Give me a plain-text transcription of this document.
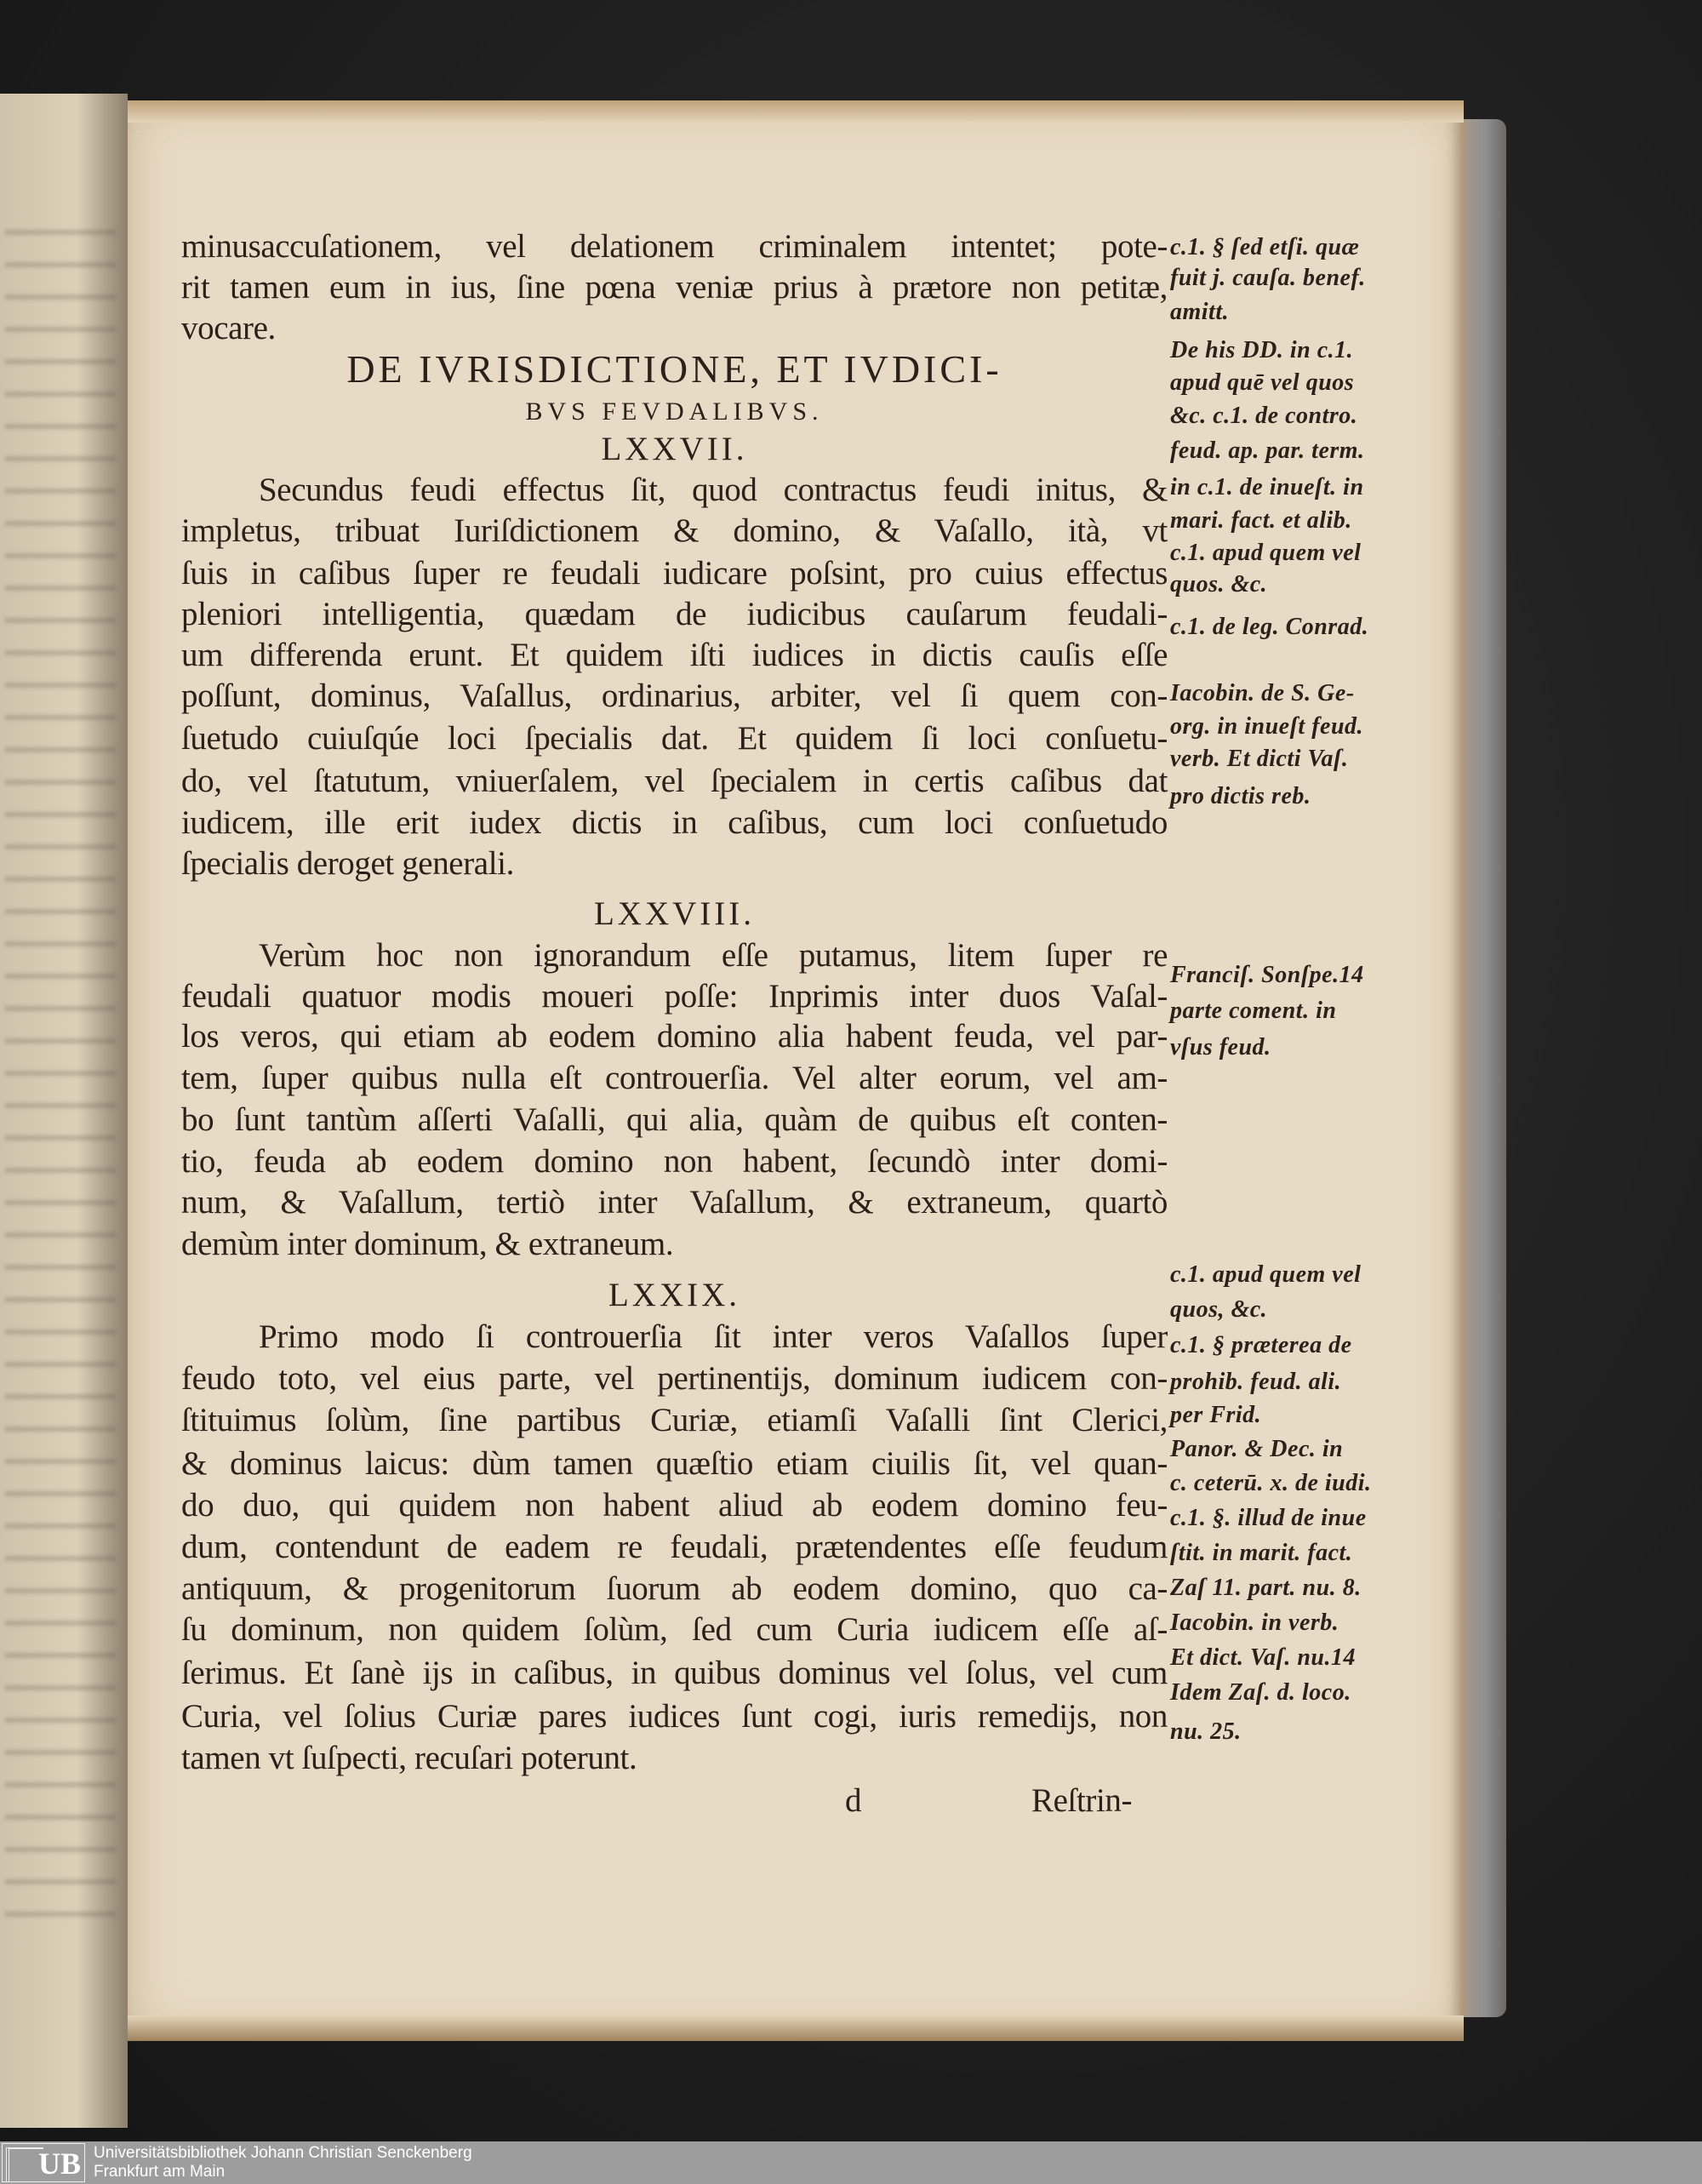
minusaccuſationem, vel delationem criminalem intentet; pote-
rit tamen eum in ius, ſine pœna veniæ prius à prætore non petitæ,
vocare.
DE IVRISDICTIONE, ET IVDICI-
BVS FEVDALIBVS.
LXXVII.
Secundus feudi effectus ſit, quod contractus feudi initus, &
impletus, tribuat Iuriſdictionem & domino, & Vaſallo, ità, vt
ſuis in caſibus ſuper re feudali iudicare poſsint, pro cuius effectus
pleniori intelligentia, quædam de iudicibus cauſarum feudali-
um differenda erunt. Et quidem iſti iudices in dictis cauſis eſſe
poſſunt, dominus, Vaſallus, ordinarius, arbiter, vel ſi quem con-
ſuetudo cuiuſqúe loci ſpecialis dat. Et quidem ſi loci conſuetu-
do, vel ſtatutum, vniuerſalem, vel ſpecialem in certis caſibus dat
iudicem, ille erit iudex dictis in caſibus, cum loci conſuetudo
ſpecialis deroget generali.
LXXVIII.
Verùm hoc non ignorandum eſſe putamus, litem ſuper re
feudali quatuor modis moueri poſſe: Inprimis inter duos Vaſal-
los veros, qui etiam ab eodem domino alia habent feuda, vel par-
tem, ſuper quibus nulla eſt controuerſia. Vel alter eorum, vel am-
bo ſunt tantùm aſſerti Vaſalli, qui alia, quàm de quibus eſt conten-
tio, feuda ab eodem domino non habent, ſecundò inter domi-
num, & Vaſallum, tertiò inter Vaſallum, & extraneum, quartò
demùm inter dominum, & extraneum.
LXXIX.
Primo modo ſi controuerſia ſit inter veros Vaſallos ſuper
feudo toto, vel eius parte, vel pertinentijs, dominum iudicem con-
ſtituimus ſolùm, ſine partibus Curiæ, etiamſi Vaſalli ſint Clerici,
& dominus laicus: dùm tamen quæſtio etiam ciuilis ſit, vel quan-
do duo, qui quidem non habent aliud ab eodem domino feu-
dum, contendunt de eadem re feudali, prætendentes eſſe feudum
antiquum, & progenitorum ſuorum ab eodem domino, quo ca-
ſu dominum, non quidem ſolùm, ſed cum Curia iudicem eſſe aſ-
ſerimus. Et ſanè ijs in caſibus, in quibus dominus vel ſolus, vel cum
Curia, vel ſolius Curiæ pares iudices ſunt cogi, iuris remedijs, non
tamen vt ſuſpecti, recuſari poterunt.
d	Reſtrin-
c.1. § ſed etſi. quæ
fuit j. cauſa. benef.
amitt.
De his DD. in c.1.
apud quē vel quos
&c. c.1. de contro.
feud. ap. par. term.
in c.1. de inueſt. in
mari. fact. et alib.
c.1. apud quem vel
quos. &c.
c.1. de leg. Conrad.
Iacobin. de S. Ge-
org. in inueſt feud.
verb. Et dicti Vaſ.
pro dictis reb.
Franciſ. Sonſpe.14
parte coment. in
vſus feud.
c.1. apud quem vel
quos, &c.
c.1. § præterea de
prohib. feud. ali.
per Frid.
Panor. & Dec. in
c. ceterū. x. de iudi.
c.1. §. illud de inue
ſtit. in marit. fact.
Zaſ 11. part. nu. 8.
Iacobin. in verb.
Et dict. Vaſ. nu.14
Idem Zaſ. d. loco.
nu. 25.
UB Universitätsbibliothek Johann Christian Senckenberg
Frankfurt am Main
